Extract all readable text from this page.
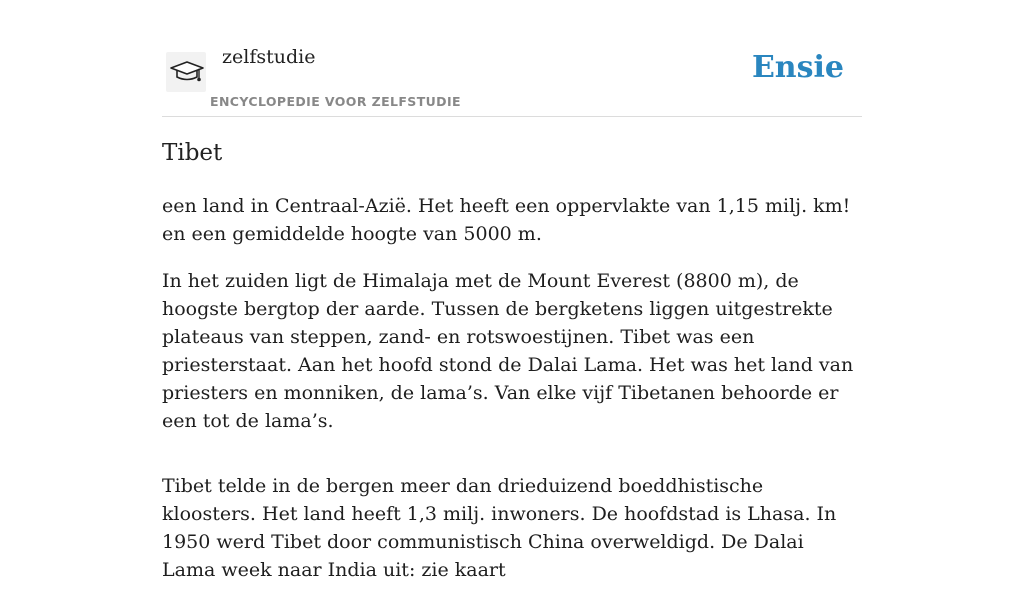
zelfstudie
ENCYCLOPEDIE VOOR ZELFSTUDIE
Ensie
Tibet

een land in Centraal-Azië. Het heeft een oppervlakte van 1,15 milj. km! en een gemiddelde hoogte van 5000 m.

In het zuiden ligt de Himalaja met de Mount Everest (8800 m), de hoogste bergtop der aarde. Tussen de bergketens liggen uitgestrekte plateaus van steppen, zand- en rotswoestijnen. Tibet was een priesterstaat. Aan het hoofd stond de Dalai Lama. Het was het land van priesters en monniken, de lama’s. Van elke vijf Tibetanen behoorde er een tot de lama’s.

Tibet telde in de bergen meer dan drieduizend boeddhistische kloosters. Het land heeft 1,3 milj. inwoners. De hoofdstad is Lhasa. In 1950 werd Tibet door communistisch China overweldigd. De Dalai Lama week naar India uit: zie kaart
